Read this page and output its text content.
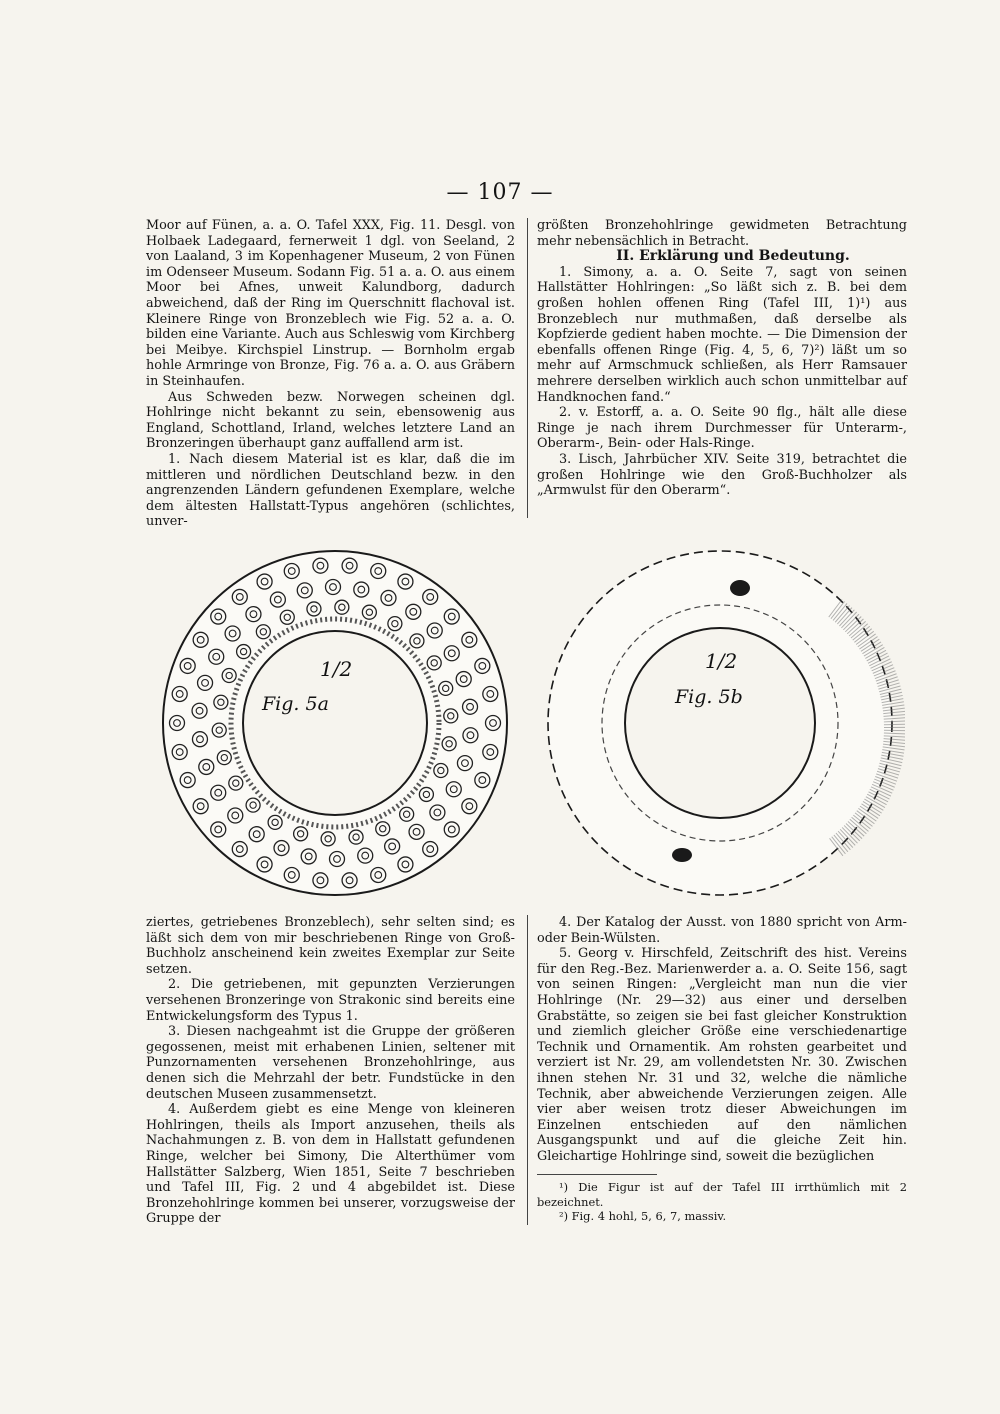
— 107 —

Moor auf Fünen, a. a. O. Tafel XXX, Fig. 11. Desgl. von Holbaek Ladegaard, fernerweit 1 dgl. von Seeland, 2 von Laaland, 3 im Kopenhagener Museum, 2 von Fünen im Odenseer Museum. Sodann Fig. 51 a. a. O. aus einem Moor bei Afnes, unweit Kalundborg, dadurch abweichend, daß der Ring im Querschnitt flachoval ist. Kleinere Ringe von Bronzeblech wie Fig. 52 a. a. O. bilden eine Variante. Auch aus Schleswig vom Kirchberg bei Meibye. Kirchspiel Linstrup. — Bornholm ergab hohle Armringe von Bronze, Fig. 76 a. a. O. aus Gräbern in Steinhaufen.

Aus Schweden bezw. Norwegen scheinen dgl. Hohlringe nicht bekannt zu sein, ebensowenig aus England, Schottland, Irland, welches letztere Land an Bronzeringen überhaupt ganz auffallend arm ist.

1. Nach diesem Material ist es klar, daß die im mittleren und nördlichen Deutschland bezw. in den angrenzenden Ländern gefundenen Exemplare, welche dem ältesten Hallstatt-Typus angehören (schlichtes, unver-

größten Bronzehohlringe gewidmeten Betrachtung mehr nebensächlich in Betracht.

II. Erklärung und Bedeutung.

1. Simony, a. a. O. Seite 7, sagt von seinen Hallstätter Hohlringen: „So läßt sich z. B. bei dem großen hohlen offenen Ring (Tafel III, 1)¹) aus Bronzeblech nur muthmaßen, daß derselbe als Kopfzierde gedient haben mochte. — Die Dimension der ebenfalls offenen Ringe (Fig. 4, 5, 6, 7)²) läßt um so mehr auf Armschmuck schließen, als Herr Ramsauer mehrere derselben wirklich auch schon unmittelbar auf Handknochen fand.“

2. v. Estorff, a. a. O. Seite 90 flg., hält alle diese Ringe je nach ihrem Durchmesser für Unterarm-, Oberarm-, Bein- oder Hals-Ringe.

3. Lisch, Jahrbücher XIV. Seite 319, betrachtet die großen Hohlringe wie den Groß-Buchholzer als „Armwulst für den Oberarm“.

1/2
Fig. 5a
1/2
Fig. 5b

ziertes, getriebenes Bronzeblech), sehr selten sind; es läßt sich dem von mir beschriebenen Ringe von Groß-Buchholz anscheinend kein zweites Exemplar zur Seite setzen.

2. Die getriebenen, mit gepunzten Verzierungen versehenen Bronzeringe von Strakonic sind bereits eine Entwickelungsform des Typus 1.

3. Diesen nachgeahmt ist die Gruppe der größeren gegossenen, meist mit erhabenen Linien, seltener mit Punzornamenten versehenen Bronzehohlringe, aus denen sich die Mehrzahl der betr. Fundstücke in den deutschen Museen zusammensetzt.

4. Außerdem giebt es eine Menge von kleineren Hohlringen, theils als Import anzusehen, theils als Nachahmungen z. B. von dem in Hallstatt gefundenen Ringe, welcher bei Simony, Die Alterthümer vom Hallstätter Salzberg, Wien 1851, Seite 7 beschrieben und Tafel III, Fig. 2 und 4 abgebildet ist. Diese Bronzehohlringe kommen bei unserer, vorzugsweise der Gruppe der

4. Der Katalog der Ausst. von 1880 spricht von Arm- oder Bein-Wülsten.

5. Georg v. Hirschfeld, Zeitschrift des hist. Vereins für den Reg.-Bez. Marienwerder a. a. O. Seite 156, sagt von seinen Ringen: „Vergleicht man nun die vier Hohlringe (Nr. 29—32) aus einer und derselben Grabstätte, so zeigen sie bei fast gleicher Konstruktion und ziemlich gleicher Größe eine verschiedenartige Technik und Ornamentik. Am rohsten gearbeitet und verziert ist Nr. 29, am vollendetsten Nr. 30. Zwischen ihnen stehen Nr. 31 und 32, welche die nämliche Technik, aber abweichende Verzierungen zeigen. Alle vier aber weisen trotz dieser Abweichungen im Einzelnen entschieden auf den nämlichen Ausgangspunkt und auf die gleiche Zeit hin. Gleichartige Hohlringe sind, soweit die bezüglichen

¹) Die Figur ist auf der Tafel III irrthümlich mit 2 bezeichnet.

²) Fig. 4 hohl, 5, 6, 7, massiv.
